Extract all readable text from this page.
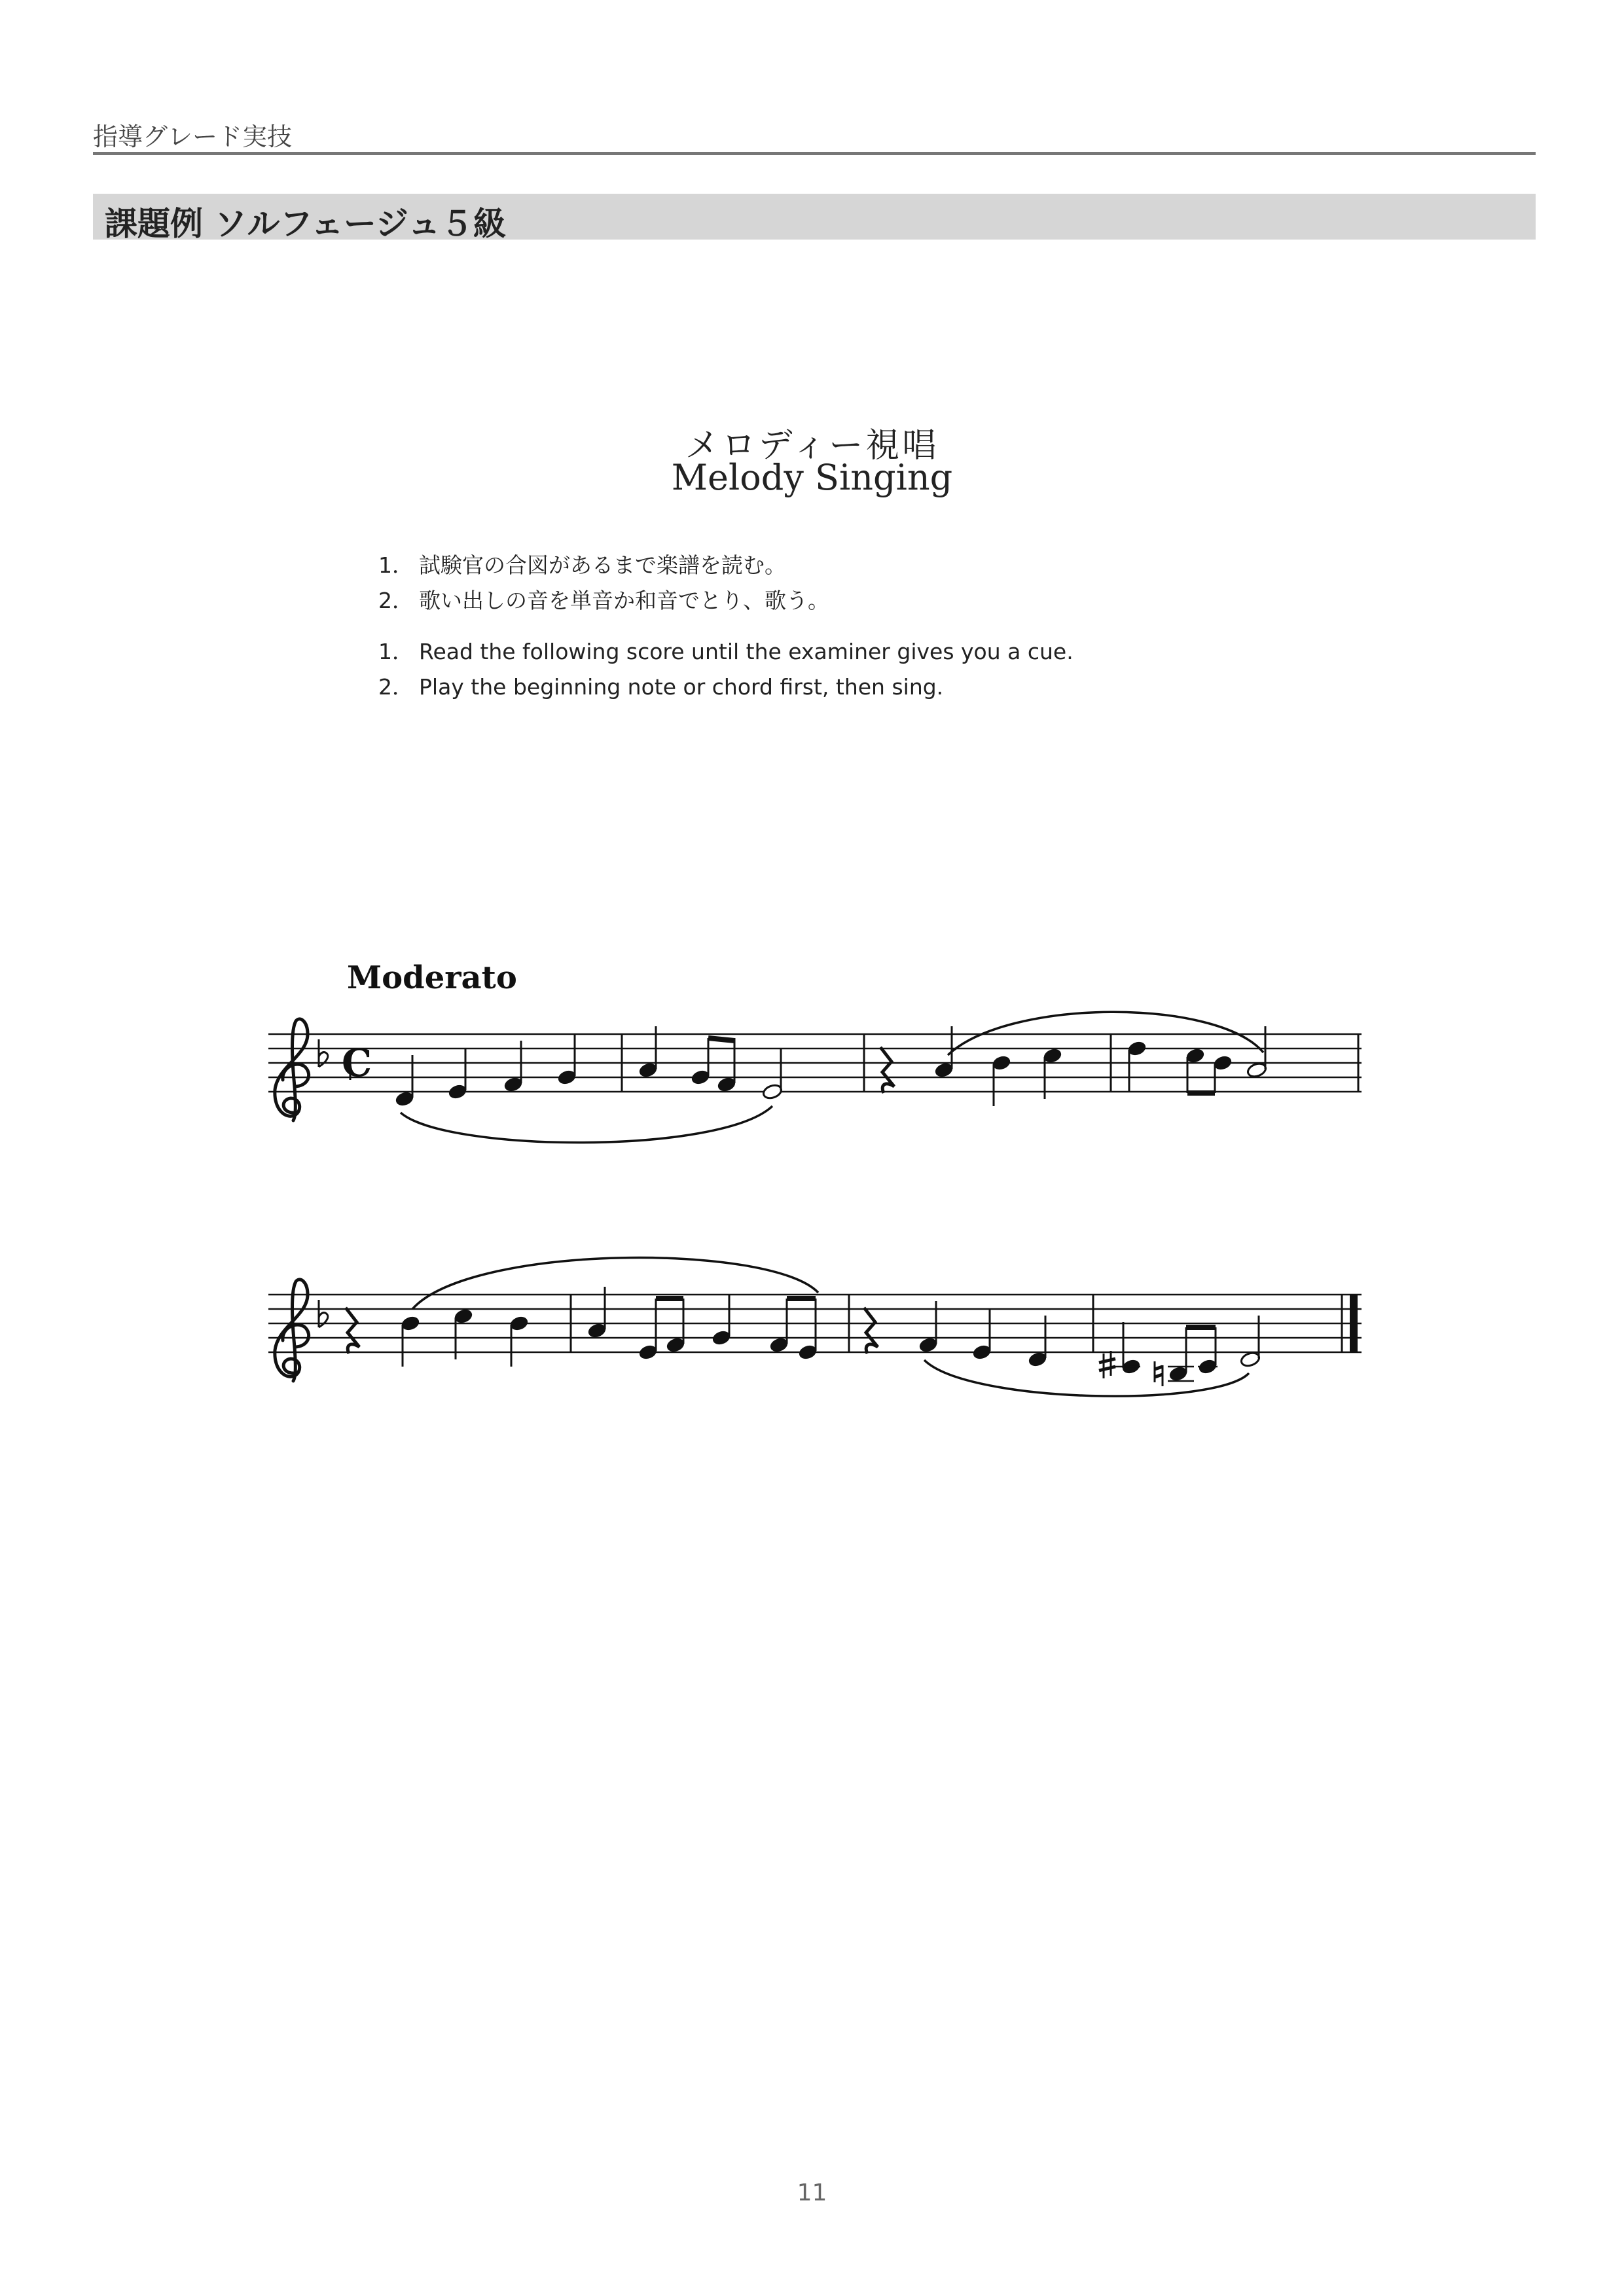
指導グレード実技
課題例 ソルフェージュ５級
メロディー視唱
Melody Singing
1． 試験官の合図があるまで楽譜を読む。
2． 歌い出しの音を単音か和音でとり、歌う。
1． Read the following score until the examiner gives you a cue.
2． Play the beginning note or chord first, then sing.
Moderato
C
11
